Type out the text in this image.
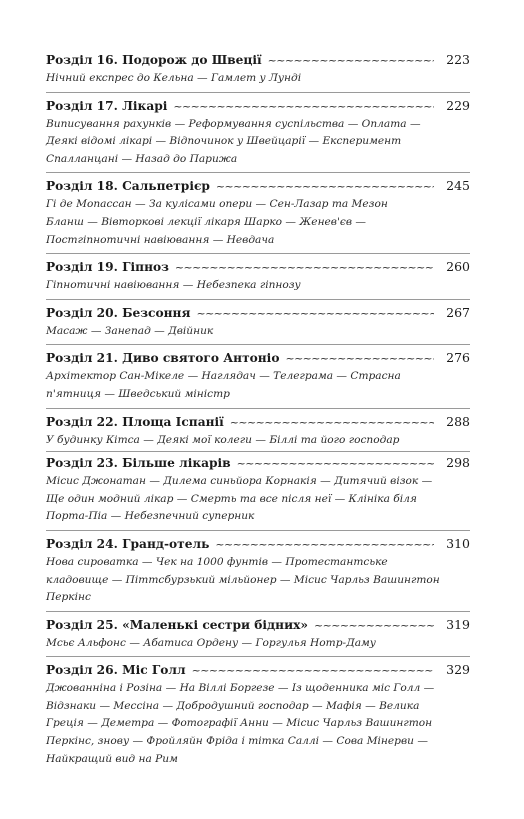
Розділ 16. Подорож до Швеції ~~~~~	223

Нічний експрес до Кельна — Гамлет у Лунді

Розділ 17. Лікарі ~~~~~	229

Виписування рахунків — Реформування суспільства — Оплата —
Деякі відомі лікарі — Відпочинок у Швейцарії — Експеримент
Спалланцані — Назад до Парижа

Розділ 18. Сальпетрієр ~~~~~	245

Гі де Мопассан — За кулісами опери — Сен-Лазар та Мезон
Бланш — Вівторкові лекції лікаря Шарко — Женев'єв —
Постгіпнотичні навіювання — Невдача

Розділ 19. Гіпноз ~~~~~	260

Гіпнотичні навіювання — Небезпека гіпнозу

Розділ 20. Безсоння ~~~~~	267

Масаж — Занепад — Двійник

Розділ 21. Диво святого Антоніо ~~~~~	276

Архітектор Сан-Мікеле — Наглядач — Телеграма — Страсна
п'ятниця — Шведський міністр

Розділ 22. Площа Іспанії ~~~~~	288

У будинку Кітса — Деякі мої колеги — Біллі та його господар

Розділ 23. Більше лікарів ~~~~~	298

Місис Джонатан — Дилема синьйора Корнакія — Дитячий візок —
Ще один модний лікар — Смерть та все після неї — Клініка біля
Порта-Піа — Небезпечний суперник

Розділ 24. Гранд-отель ~~~~~	310

Нова сироватка — Чек на 1000 фунтів — Протестантське
кладовище — Піттсбурзький мільйонер — Місис Чарльз Вашингтон
Перкінс

Розділ 25. «Маленькі сестри бідних» ~~~~~	319

Мсьє Альфонс — Абатиса Ордену — Горгулья Нотр-Даму

Розділ 26. Міс Голл ~~~~~	329

Джованніна і Розіна — На Віллі Боргезе — Із щоденника міс Голл —
Відзнаки — Мессіна — Добродушний господар — Мафія — Велика
Греція — Деметра — Фотографії Анни — Місис Чарльз Вашингтон
Перкінс, знову — Фройляйн Фріда і тітка Саллі — Сова Мінерви —
Найкращий вид на Рим
